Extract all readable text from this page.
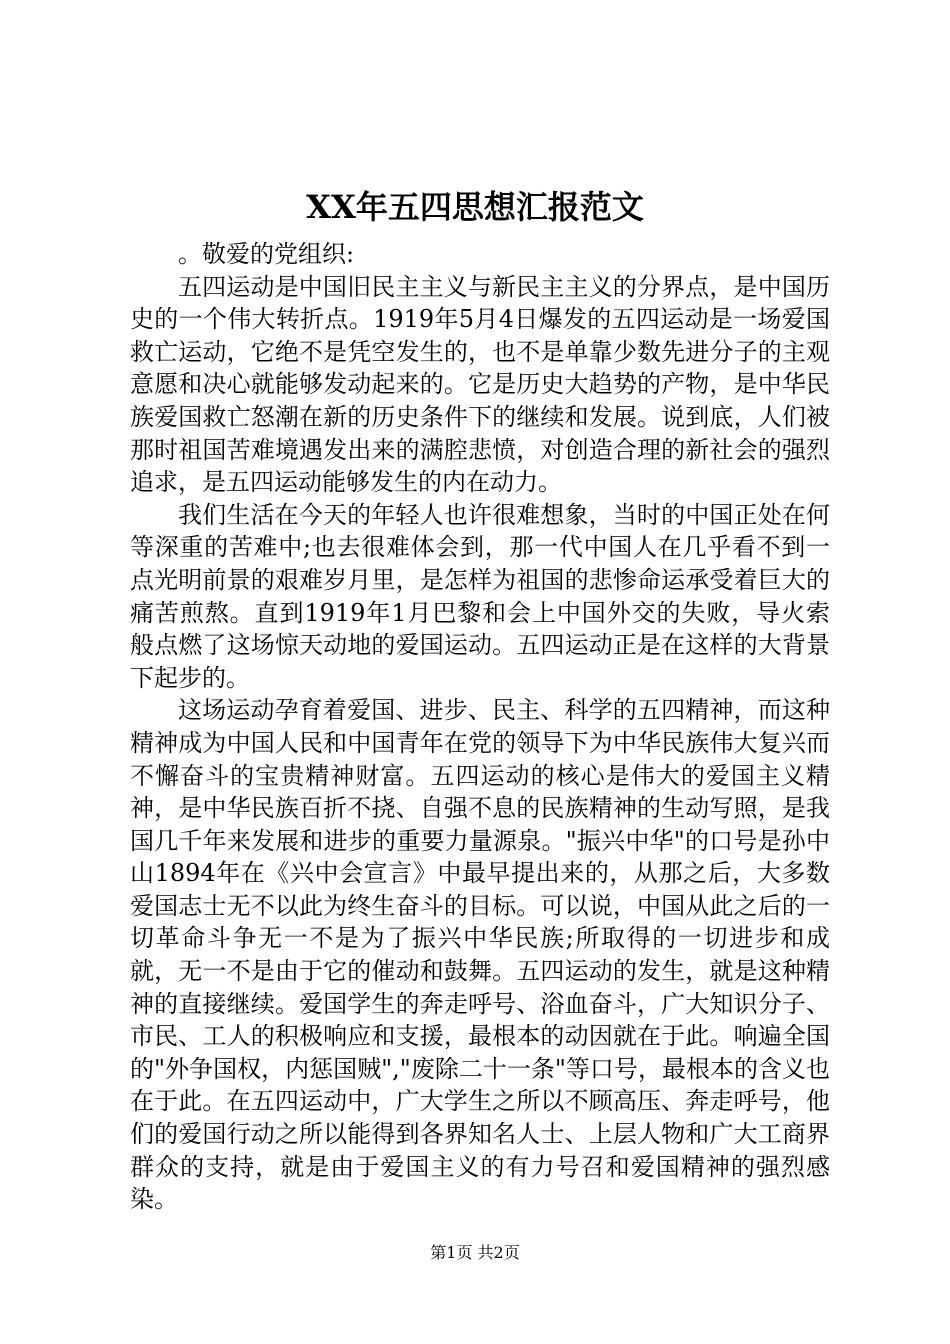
XX年五四思想汇报范文

。敬爱的党组织:

五四运动是中国旧民主主义与新民主主义的分界点，是中国历史的一个伟大转折点。1919年5月4日爆发的五四运动是一场爱国救亡运动，它绝不是凭空发生的，也不是单靠少数先进分子的主观意愿和决心就能够发动起来的。它是历史大趋势的产物，是中华民族爱国救亡怒潮在新的历史条件下的继续和发展。说到底，人们被那时祖国苦难境遇发出来的满腔悲愤，对创造合理的新社会的强烈追求，是五四运动能够发生的内在动力。

我们生活在今天的年轻人也许很难想象，当时的中国正处在何等深重的苦难中;也去很难体会到，那一代中国人在几乎看不到一点光明前景的艰难岁月里，是怎样为祖国的悲惨命运承受着巨大的痛苦煎熬。直到1919年1月巴黎和会上中国外交的失败，导火索般点燃了这场惊天动地的爱国运动。五四运动正是在这样的大背景下起步的。

这场运动孕育着爱国、进步、民主、科学的五四精神，而这种精神成为中国人民和中国青年在党的领导下为中华民族伟大复兴而不懈奋斗的宝贵精神财富。五四运动的核心是伟大的爱国主义精神，是中华民族百折不挠、自强不息的民族精神的生动写照，是我国几千年来发展和进步的重要力量源泉。"振兴中华"的口号是孙中山1894年在《兴中会宣言》中最早提出来的，从那之后，大多数爱国志士无不以此为终生奋斗的目标。可以说，中国从此之后的一切革命斗争无一不是为了振兴中华民族;所取得的一切进步和成就，无一不是由于它的催动和鼓舞。五四运动的发生，就是这种精神的直接继续。爱国学生的奔走呼号、浴血奋斗，广大知识分子、市民、工人的积极响应和支援，最根本的动因就在于此。响遍全国的"外争国权，内惩国贼","废除二十一条"等口号，最根本的含义也在于此。在五四运动中，广大学生之所以不顾高压、奔走呼号，他们的爱国行动之所以能得到各界知名人士、上层人物和广大工商界群众的支持，就是由于爱国主义的有力号召和爱国精神的强烈感染。

第1页 共2页
